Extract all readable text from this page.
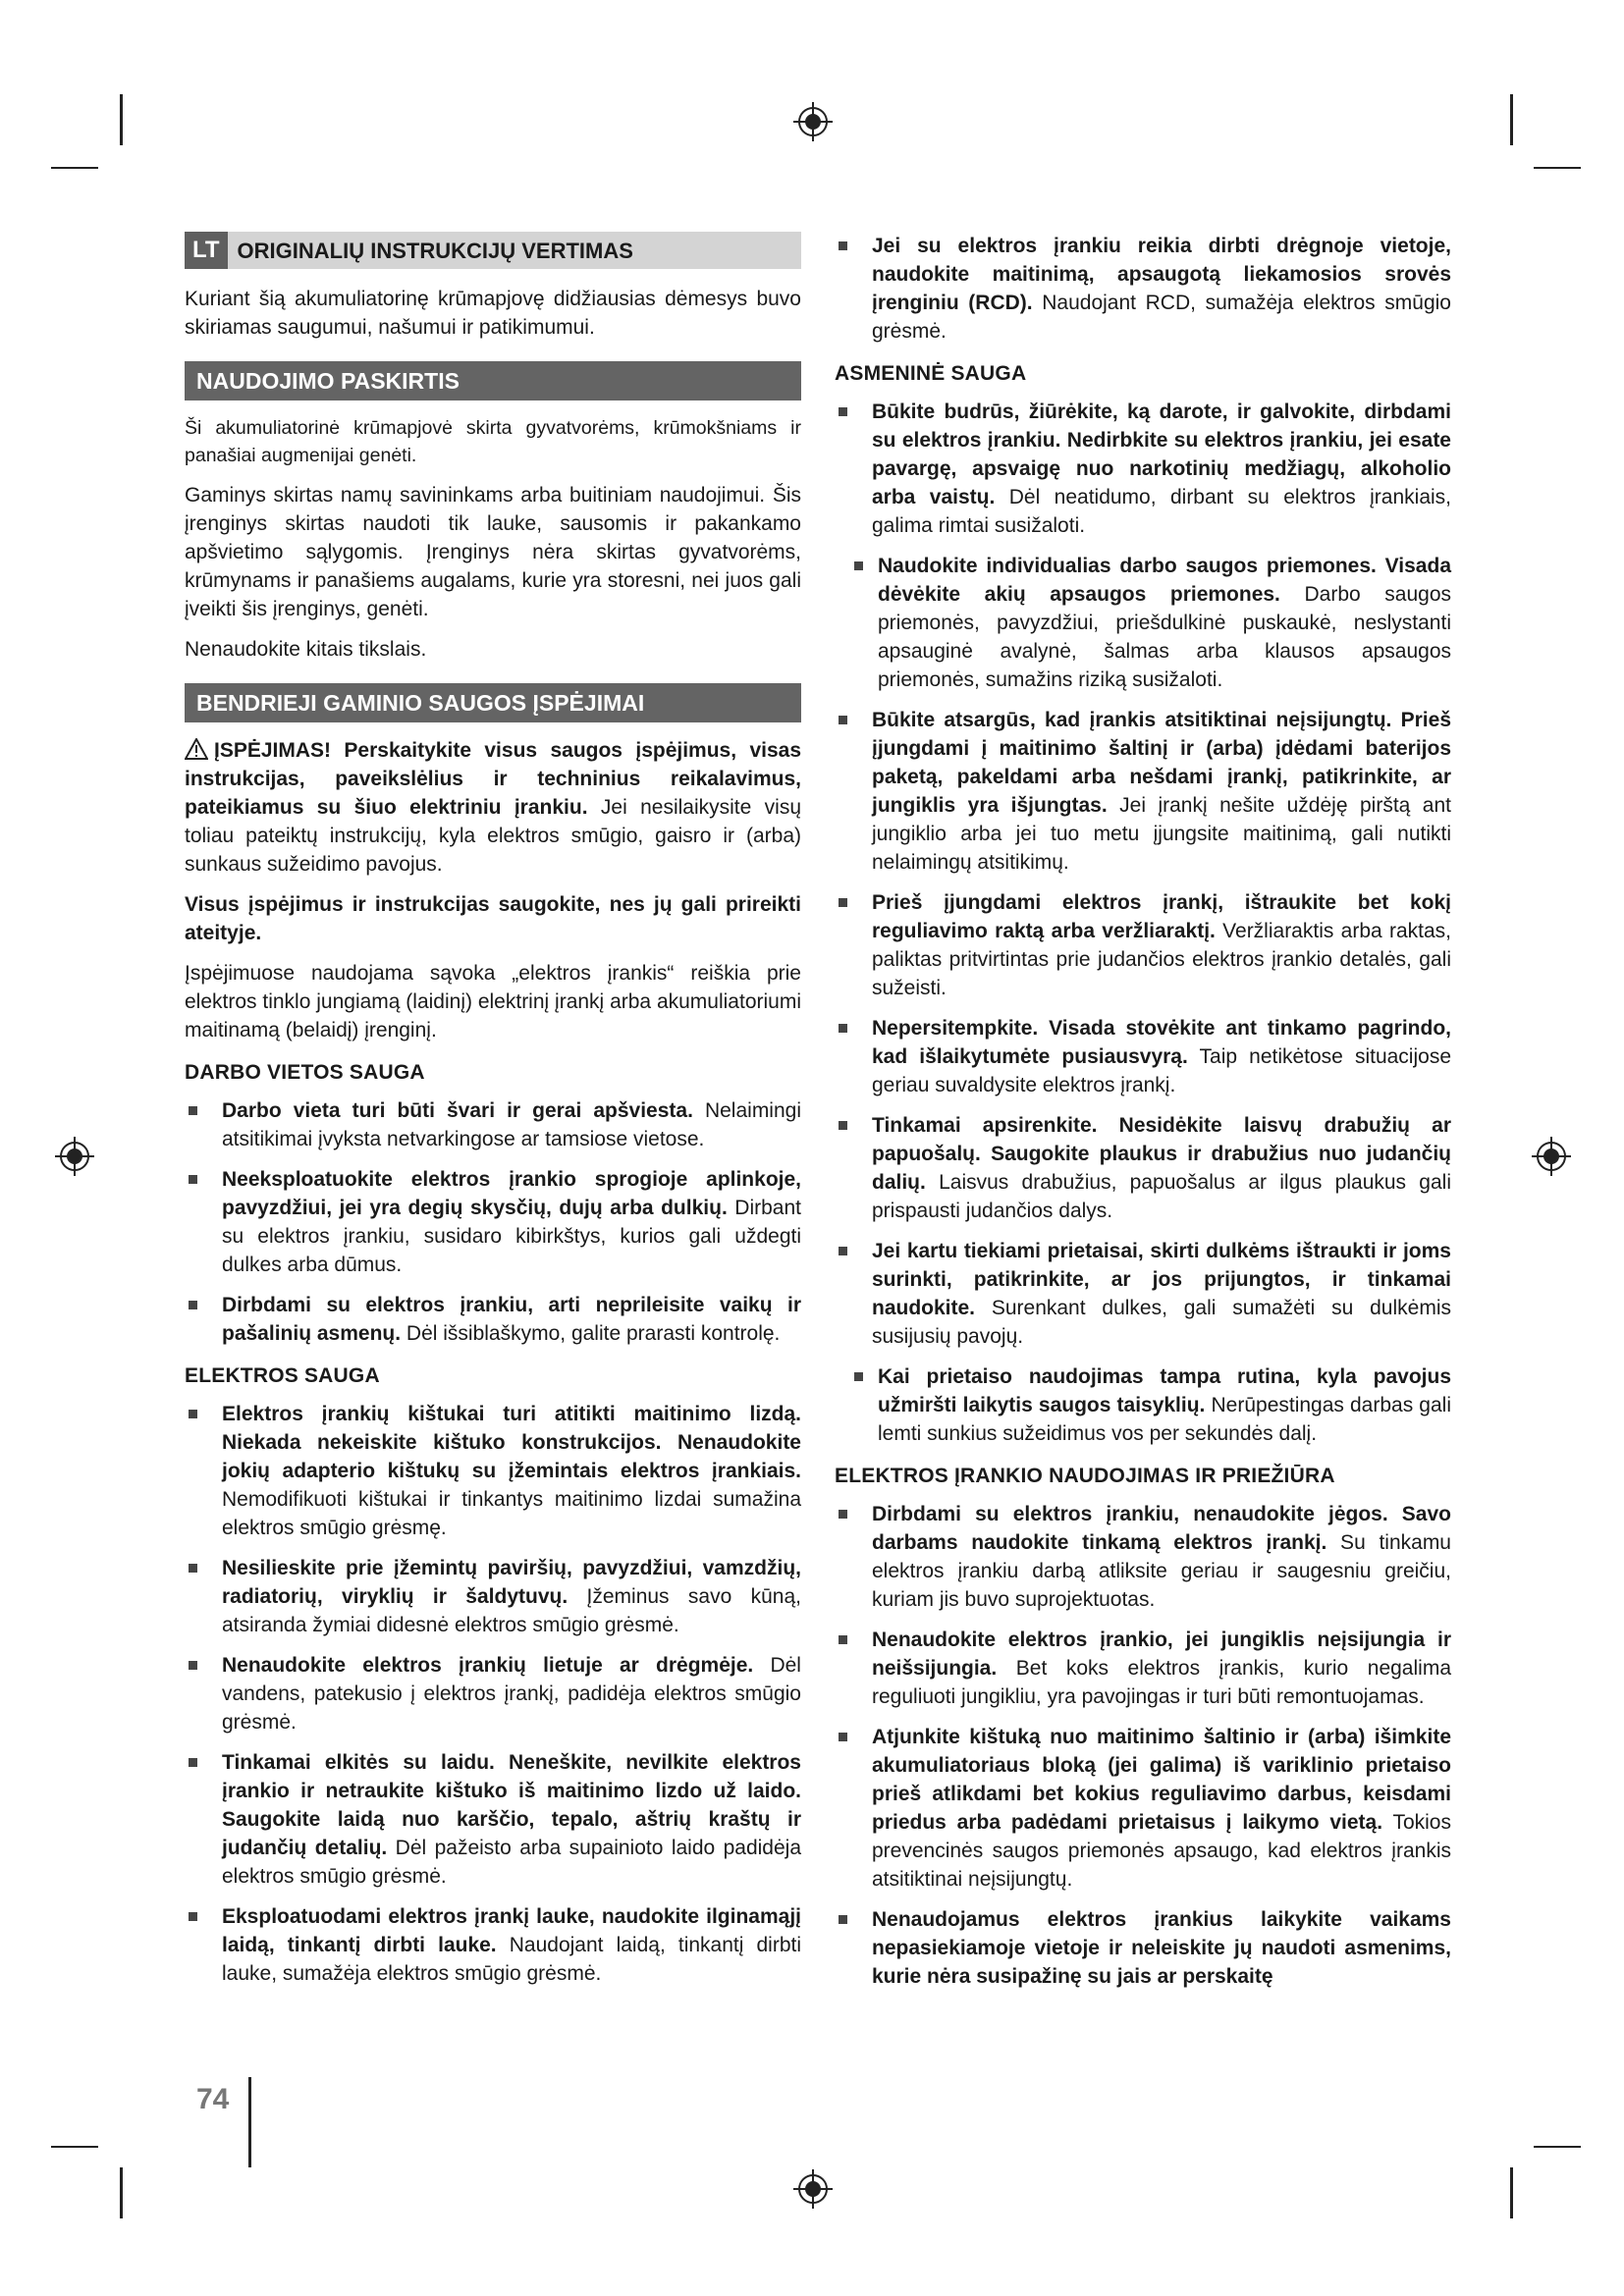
LT ORIGINALIŲ INSTRUKCIJŲ VERTIMAS

Kuriant šią akumuliatorinę krūmapjovę didžiausias dėmesys buvo skiriamas saugumui, našumui ir patikimumui.

NAUDOJIMO PASKIRTIS

Ši akumuliatorinė krūmapjovė skirta gyvatvorėms, krūmokšniams ir panašiai augmenijai genėti.

Gaminys skirtas namų savininkams arba buitiniam naudojimui. Šis įrenginys skirtas naudoti tik lauke, sausomis ir pakankamo apšvietimo sąlygomis. Įrenginys nėra skirtas gyvatvorėms, krūmynams ir panašiems augalams, kurie yra storesni, nei juos gali įveikti šis įrenginys, genėti.

Nenaudokite kitais tikslais.

BENDRIEJI GAMINIO SAUGOS ĮSPĖJIMAI

ĮSPĖJIMAS! Perskaitykite visus saugos įspėjimus, visas instrukcijas, paveikslėlius ir techninius reikalavimus, pateikiamus su šiuo elektriniu įrankiu. Jei nesilaikysite visų toliau pateiktų instrukcijų, kyla elektros smūgio, gaisro ir (arba) sunkaus sužeidimo pavojus.

Visus įspėjimus ir instrukcijas saugokite, nes jų gali prireikti ateityje.

Įspėjimuose naudojama sąvoka „elektros įrankis“ reiškia prie elektros tinklo jungiamą (laidinį) elektrinį įrankį arba akumuliatoriumi maitinamą (belaidį) įrenginį.

DARBO VIETOS SAUGA
Darbo vieta turi būti švari ir gerai apšviesta. Nelaimingi atsitikimai įvyksta netvarkingose ar tamsiose vietose.
Neeksploatuokite elektros įrankio sprogioje aplinkoje, pavyzdžiui, jei yra degių skysčių, dujų arba dulkių. Dirbant su elektros įrankiu, susidaro kibirkštys, kurios gali uždegti dulkes arba dūmus.
Dirbdami su elektros įrankiu, arti neprileisite vaikų ir pašalinių asmenų. Dėl išsiblaškymo, galite prarasti kontrolę.
ELEKTROS SAUGA
Elektros įrankių kištukai turi atitikti maitinimo lizdą. Niekada nekeiskite kištuko konstrukcijos. Nenaudokite jokių adapterio kištukų su įžemintais elektros įrankiais. Nemodifikuoti kištukai ir tinkantys maitinimo lizdai sumažina elektros smūgio grėsmę.
Nesilieskite prie įžemintų paviršių, pavyzdžiui, vamzdžių, radiatorių, viryklių ir šaldytuvų. Įžeminus savo kūną, atsiranda žymiai didesnė elektros smūgio grėsmė.
Nenaudokite elektros įrankių lietuje ar drėgmėje. Dėl vandens, patekusio į elektros įrankį, padidėja elektros smūgio grėsmė.
Tinkamai elkitės su laidu. Neneškite, nevilkite elektros įrankio ir netraukite kištuko iš maitinimo lizdo už laido. Saugokite laidą nuo karščio, tepalo, aštrių kraštų ir judančių detalių. Dėl pažeisto arba supainioto laido padidėja elektros smūgio grėsmė.
Eksploatuodami elektros įrankį lauke, naudokite ilginamąjį laidą, tinkantį dirbti lauke. Naudojant laidą, tinkantį dirbti lauke, sumažėja elektros smūgio grėsmė.
Jei su elektros įrankiu reikia dirbti drėgnoje vietoje, naudokite maitinimą, apsaugotą liekamosios srovės įrenginiu (RCD). Naudojant RCD, sumažėja elektros smūgio grėsmė.
ASMENINĖ SAUGA
Būkite budrūs, žiūrėkite, ką darote, ir galvokite, dirbdami su elektros įrankiu. Nedirbkite su elektros įrankiu, jei esate pavargę, apsvaigę nuo narkotinių medžiagų, alkoholio arba vaistų. Dėl neatidumo, dirbant su elektros įrankiais, galima rimtai susižaloti.
Naudokite individualias darbo saugos priemones. Visada dėvėkite akių apsaugos priemones. Darbo saugos priemonės, pavyzdžiui, priešdulkinė puskaukė, neslystanti apsauginė avalynė, šalmas arba klausos apsaugos priemonės, sumažins riziką susižaloti.
Būkite atsargūs, kad įrankis atsitiktinai neįsijungtų. Prieš įjungdami į maitinimo šaltinį ir (arba) įdėdami baterijos paketą, pakeldami arba nešdami įrankį, patikrinkite, ar jungiklis yra išjungtas. Jei įrankį nešite uždėję pirštą ant jungiklio arba jei tuo metu įjungsite maitinimą, gali nutikti nelaimingų atsitikimų.
Prieš įjungdami elektros įrankį, ištraukite bet kokį reguliavimo raktą arba veržliaraktį. Veržliaraktis arba raktas, paliktas pritvirtintas prie judančios elektros įrankio detalės, gali sužeisti.
Nepersitempkite. Visada stovėkite ant tinkamo pagrindo, kad išlaikytumėte pusiausvyrą. Taip netikėtose situacijose geriau suvaldysite elektros įrankį.
Tinkamai apsirenkite. Nesidėkite laisvų drabužių ar papuošalų. Saugokite plaukus ir drabužius nuo judančių dalių. Laisvus drabužius, papuošalus ar ilgus plaukus gali prispausti judančios dalys.
Jei kartu tiekiami prietaisai, skirti dulkėms ištraukti ir joms surinkti, patikrinkite, ar jos prijungtos, ir tinkamai naudokite. Surenkant dulkes, gali sumažėti su dulkėmis susijusių pavojų.
Kai prietaiso naudojimas tampa rutina, kyla pavojus užmiršti laikytis saugos taisyklių. Nerūpestingas darbas gali lemti sunkius sužeidimus vos per sekundės dalį.
ELEKTROS ĮRANKIO NAUDOJIMAS IR PRIEŽIŪRA
Dirbdami su elektros įrankiu, nenaudokite jėgos. Savo darbams naudokite tinkamą elektros įrankį. Su tinkamu elektros įrankiu darbą atliksite geriau ir saugesniu greičiu, kuriam jis buvo suprojektuotas.
Nenaudokite elektros įrankio, jei jungiklis neįsijungia ir neišsijungia. Bet koks elektros įrankis, kurio negalima reguliuoti jungikliu, yra pavojingas ir turi būti remontuojamas.
Atjunkite kištuką nuo maitinimo šaltinio ir (arba) išimkite akumuliatoriaus bloką (jei galima) iš variklinio prietaiso prieš atlikdami bet kokius reguliavimo darbus, keisdami priedus arba padėdami prietaisus į laikymo vietą. Tokios prevencinės saugos priemonės apsaugo, kad elektros įrankis atsitiktinai neįsijungtų.
Nenaudojamus elektros įrankius laikykite vaikams nepasiekiamoje vietoje ir neleiskite jų naudoti asmenims, kurie nėra susipažinę su jais ar perskaitę
74
